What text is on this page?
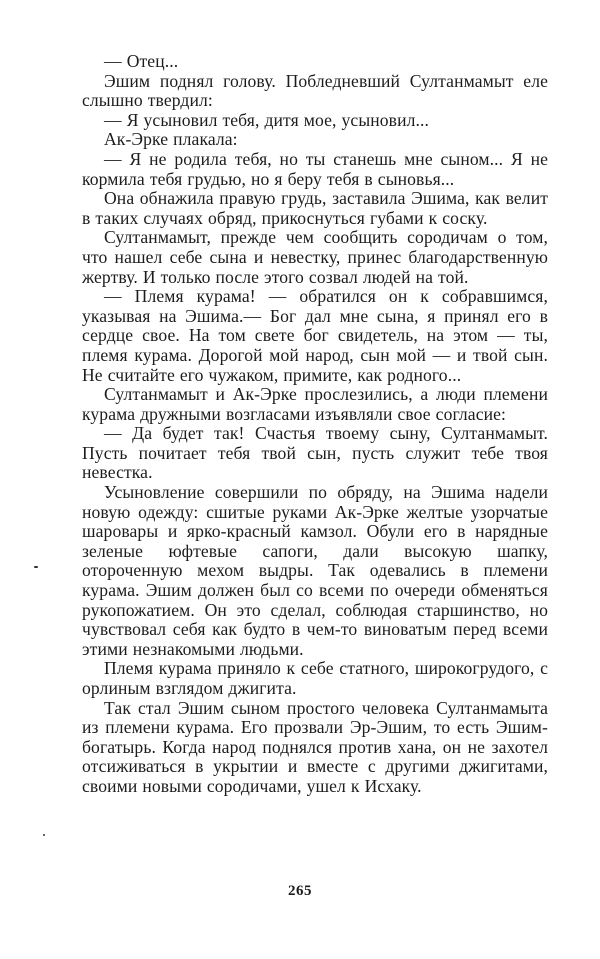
— Отец...

Эшим поднял голову. Побледневший Султанмамыт еле слышно твердил:

— Я усыновил тебя, дитя мое, усыновил...

Ак-Эрке плакала:

— Я не родила тебя, но ты станешь мне сыном... Я не кормила тебя грудью, но я беру тебя в сыновья...

Она обнажила правую грудь, заставила Эшима, как велит в таких случаях обряд, прикоснуться губами к соску.

Султанмамыт, прежде чем сообщить сородичам о том, что нашел себе сына и невестку, принес благодарственную жертву. И только после этого созвал людей на той.

— Племя курама! — обратился он к собравшимся, указывая на Эшима.— Бог дал мне сына, я принял его в сердце свое. На том свете бог свидетель, на этом — ты, племя курама. Дорогой мой народ, сын мой — и твой сын. Не считайте его чужаком, примите, как родного...

Султанмамыт и Ак-Эрке прослезились, а люди племени курама дружными возгласами изъявляли свое согласие:

— Да будет так! Счастья твоему сыну, Султанмамыт. Пусть почитает тебя твой сын, пусть служит тебе твоя невестка.

Усыновление совершили по обряду, на Эшима надели новую одежду: сшитые руками Ак-Эрке желтые узорчатые шаровары и ярко-красный камзол. Обули его в нарядные зеленые юфтевые сапоги, дали высокую шапку, отороченную мехом выдры. Так одевались в племени курама. Эшим должен был со всеми по очереди обменяться рукопожатием. Он это сделал, соблюдая старшинство, но чувствовал себя как будто в чем-то виноватым перед всеми этими незнакомыми людьми.

Племя курама приняло к себе статного, широкогрудого, с орлиным взглядом джигита.

Так стал Эшим сыном простого человека Султанмамыта из племени курама. Его прозвали Эр-Эшим, то есть Эшим-богатырь. Когда народ поднялся против хана, он не захотел отсиживаться в укрытии и вместе с другими джигитами, своими новыми сородичами, ушел к Исхаку.

265
